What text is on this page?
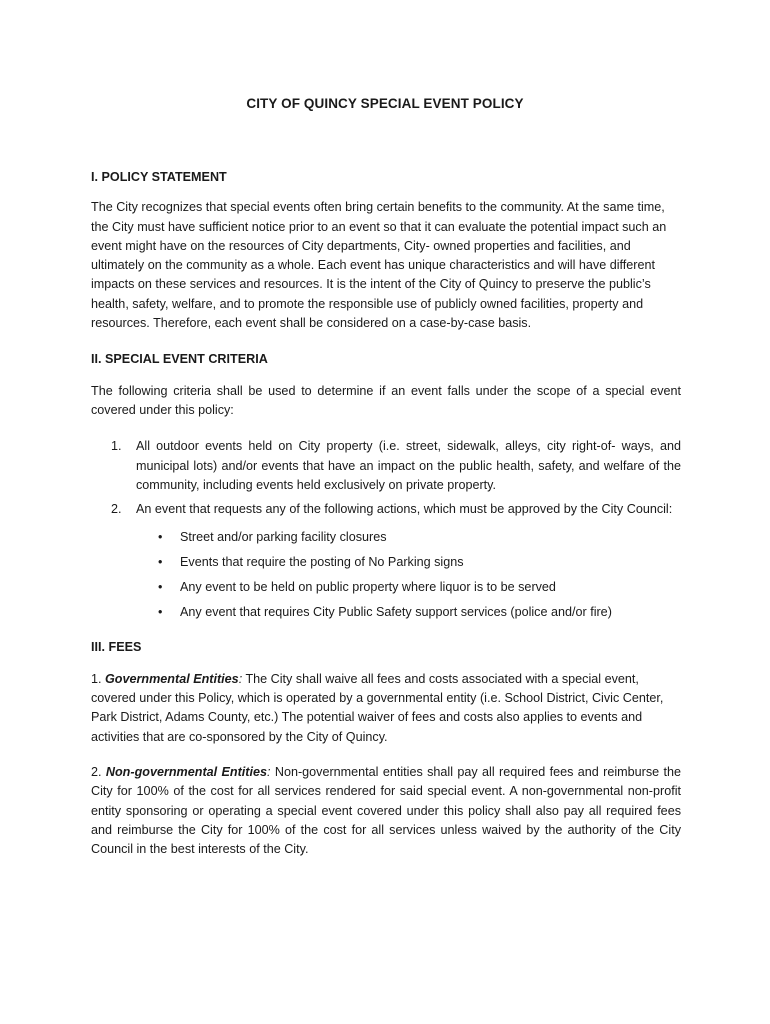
CITY OF QUINCY SPECIAL EVENT POLICY

I. POLICY STATEMENT

The City recognizes that special events often bring certain benefits to the community. At the same time, the City must have sufficient notice prior to an event so that it can evaluate the potential impact such an event might have on the resources of City departments, City- owned properties and facilities, and ultimately on the community as a whole. Each event has unique characteristics and will have different impacts on these services and resources. It is the intent of the City of Quincy to preserve the public’s health, safety, welfare, and to promote the responsible use of publicly owned facilities, property and resources. Therefore, each event shall be considered on a case-by-case basis.

II. SPECIAL EVENT CRITERIA

The following criteria shall be used to determine if an event falls under the scope of a special event covered under this policy:

1. All outdoor events held on City property (i.e. street, sidewalk, alleys, city right-of- ways, and municipal lots) and/or events that have an impact on the public health, safety, and welfare of the community, including events held exclusively on private property.
2. An event that requests any of the following actions, which must be approved by the City Council:
• Street and/or parking facility closures
• Events that require the posting of No Parking signs
• Any event to be held on public property where liquor is to be served
• Any event that requires City Public Safety support services (police and/or fire)

III. FEES

1. Governmental Entities: The City shall waive all fees and costs associated with a special event, covered under this Policy, which is operated by a governmental entity (i.e. School District, Civic Center, Park District, Adams County, etc.) The potential waiver of fees and costs also applies to events and activities that are co-sponsored by the City of Quincy.

2. Non-governmental Entities: Non-governmental entities shall pay all required fees and reimburse the City for 100% of the cost for all services rendered for said special event. A non-governmental non-profit entity sponsoring or operating a special event covered under this policy shall also pay all required fees and reimburse the City for 100% of the cost for all services unless waived by the authority of the City Council in the best interests of the City.
